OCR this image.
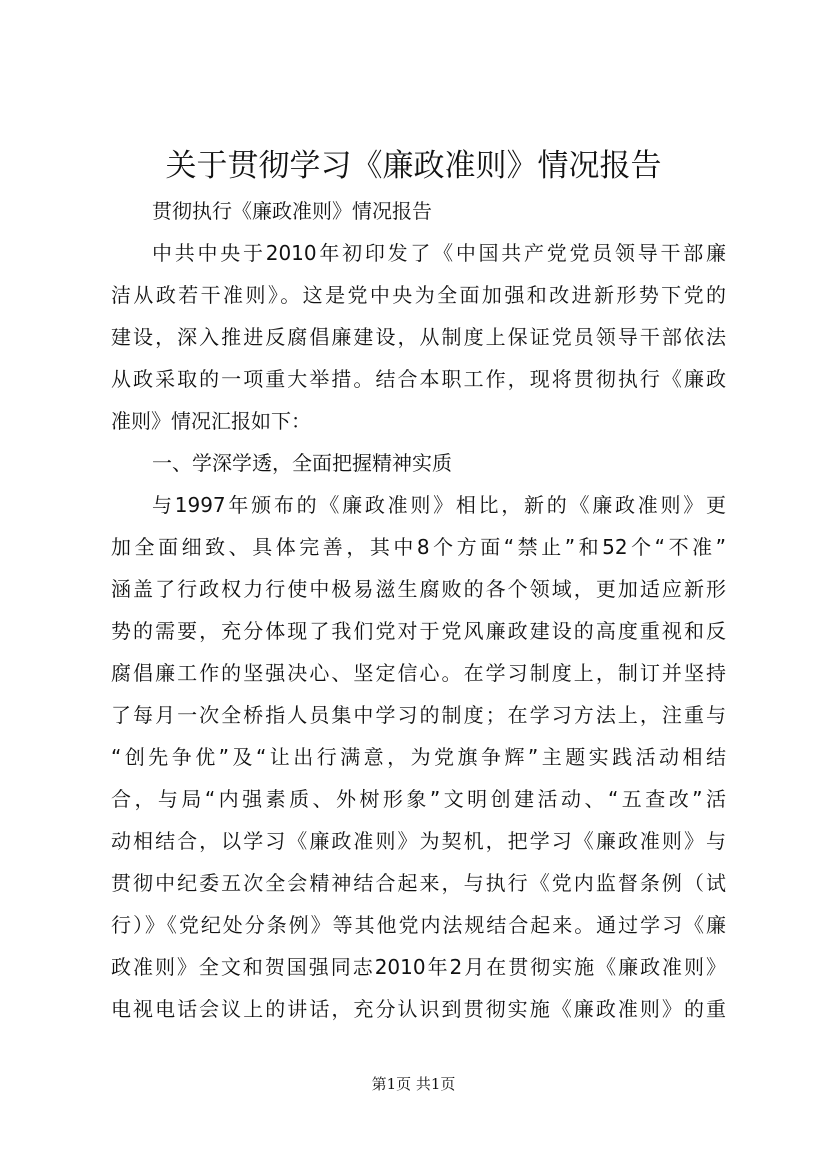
关于贯彻学习《廉政准则》情况报告
贯彻执行《廉政准则》情况报告
中共中央于2010年初印发了《中国共产党党员领导干部廉
洁从政若干准则》。这是党中央为全面加强和改进新形势下党的
建设，深入推进反腐倡廉建设，从制度上保证党员领导干部依法
从政采取的一项重大举措。结合本职工作，现将贯彻执行《廉政
准则》情况汇报如下：
一、学深学透，全面把握精神实质
与1997年颁布的《廉政准则》相比，新的《廉政准则》更
加全面细致、具体完善，其中8个方面“禁止”和52个“不准”
涵盖了行政权力行使中极易滋生腐败的各个领域，更加适应新形
势的需要，充分体现了我们党对于党风廉政建设的高度重视和反
腐倡廉工作的坚强决心、坚定信心。在学习制度上，制订并坚持
了每月一次全桥指人员集中学习的制度；在学习方法上，注重与
“创先争优”及“让出行满意，为党旗争辉”主题实践活动相结
合，与局“内强素质、外树形象”文明创建活动、“五查改”活
动相结合，以学习《廉政准则》为契机，把学习《廉政准则》与
贯彻中纪委五次全会精神结合起来，与执行《党内监督条例（试
行）》《党纪处分条例》等其他党内法规结合起来。通过学习《廉
政准则》全文和贺国强同志2010年2月在贯彻实施《廉政准则》
电视电话会议上的讲话，充分认识到贯彻实施《廉政准则》的重
第1页 共1页
